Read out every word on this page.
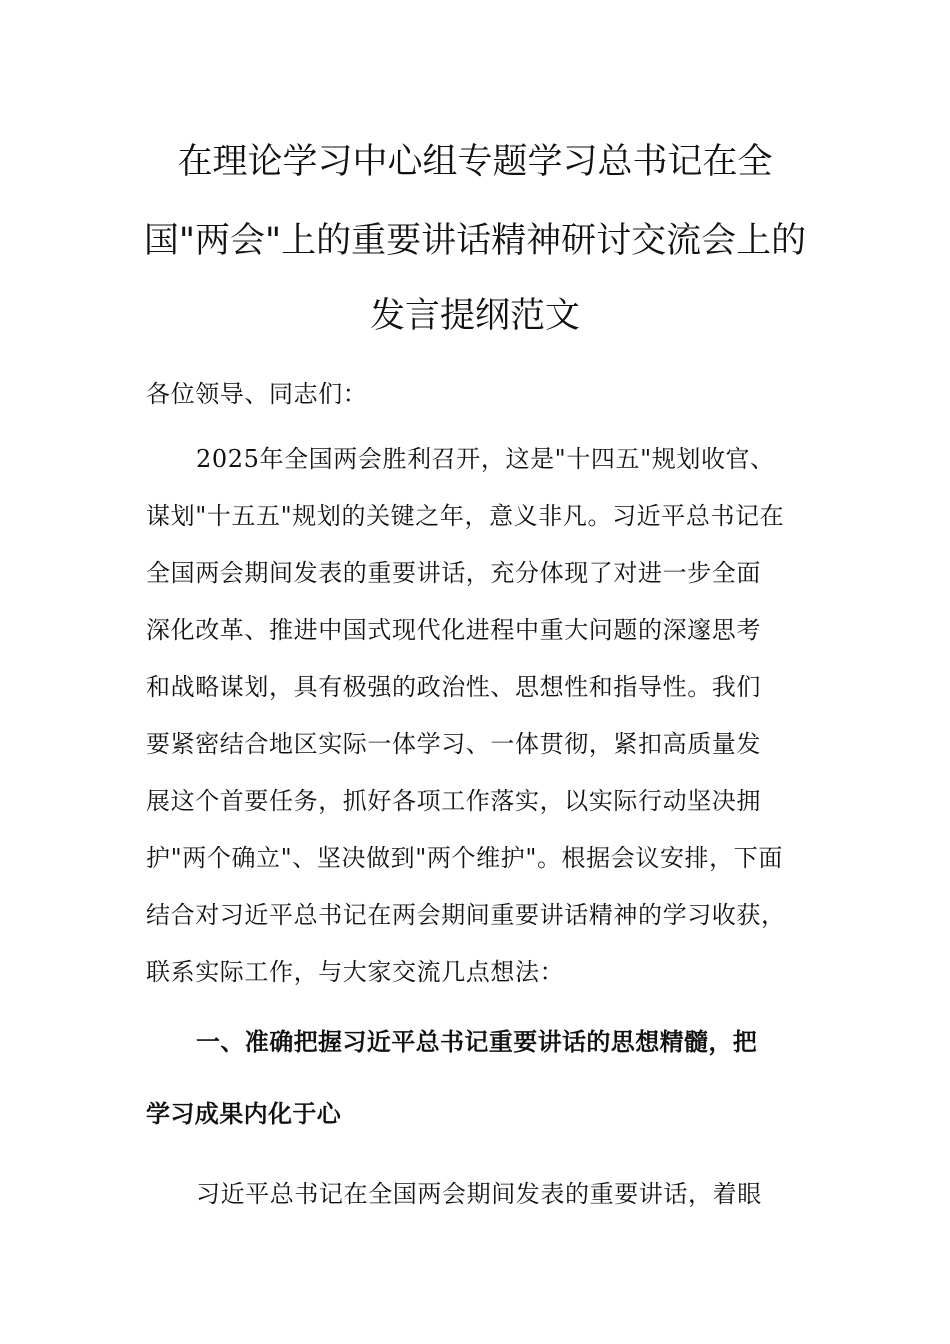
在理论学习中心组专题学习总书记在全
国"两会"上的重要讲话精神研讨交流会上的
发言提纲范文
各位领导、同志们：
2025年全国两会胜利召开，这是"十四五"规划收官、
谋划"十五五"规划的关键之年，意义非凡。习近平总书记在
全国两会期间发表的重要讲话，充分体现了对进一步全面
深化改革、推进中国式现代化进程中重大问题的深邃思考
和战略谋划，具有极强的政治性、思想性和指导性。我们
要紧密结合地区实际一体学习、一体贯彻，紧扣高质量发
展这个首要任务，抓好各项工作落实，以实际行动坚决拥
护"两个确立"、坚决做到"两个维护"。根据会议安排，下面
结合对习近平总书记在两会期间重要讲话精神的学习收获，
联系实际工作，与大家交流几点想法：
一、准确把握习近平总书记重要讲话的思想精髓，把
学习成果内化于心
习近平总书记在全国两会期间发表的重要讲话，着眼
